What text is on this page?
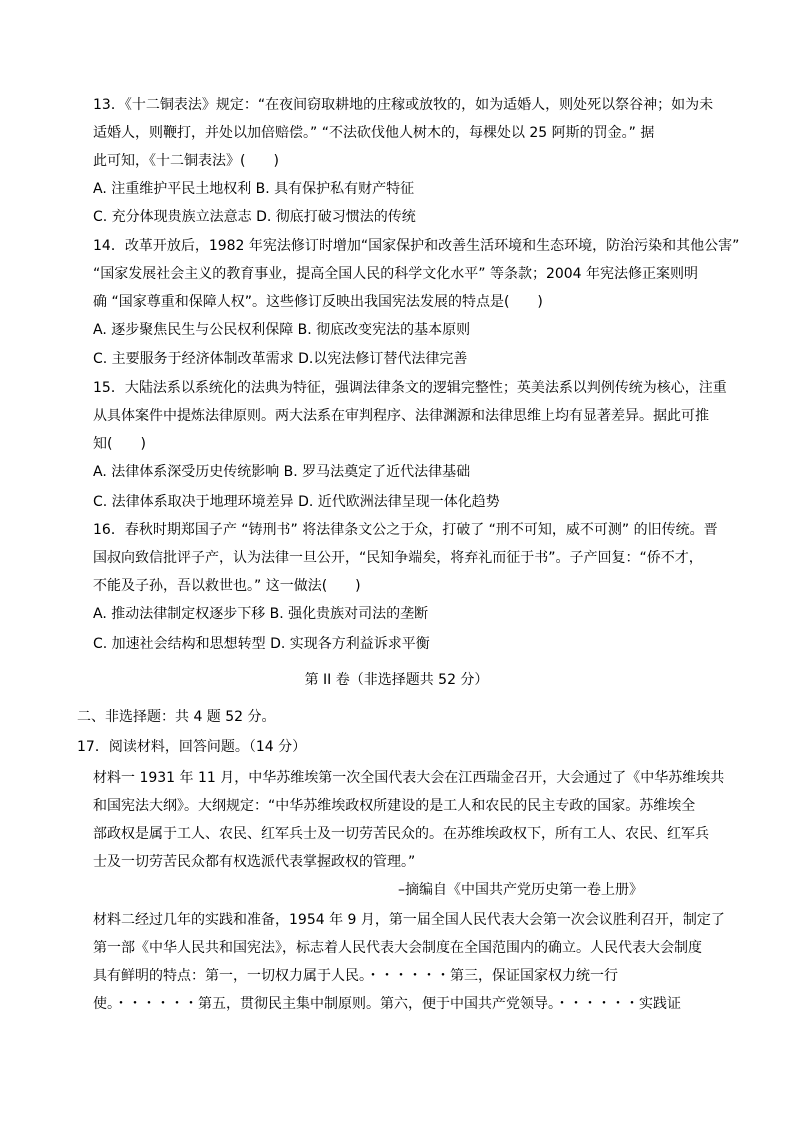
13．《十二铜表法》规定：“在夜间窃取耕地的庄稼或放牧的，如为适婚人，则处死以祭谷神；如为未
适婚人，则鞭打，并处以加倍赔偿。” “不法砍伐他人树木的，每棵处以 25 阿斯的罚金。” 据
此可知，《十二铜表法》(　　)
A. 注重维护平民土地权利 B. 具有保护私有财产特征
C. 充分体现贵族立法意志 D. 彻底打破习惯法的传统
14．改革开放后，1982 年宪法修订时增加“国家保护和改善生活环境和生态环境，防治污染和其他公害”
“国家发展社会主义的教育事业，提高全国人民的科学文化水平” 等条款；2004 年宪法修正案则明
确 “国家尊重和保障人权”。这些修订反映出我国宪法发展的特点是(　　)
A. 逐步聚焦民生与公民权利保障 B. 彻底改变宪法的基本原则
C. 主要服务于经济体制改革需求 D.以宪法修订替代法律完善
15．大陆法系以系统化的法典为特征，强调法律条文的逻辑完整性；英美法系以判例传统为核心，注重
从具体案件中提炼法律原则。两大法系在审判程序、法律渊源和法律思维上均有显著差异。据此可推
知(　　)
A. 法律体系深受历史传统影响 B. 罗马法奠定了近代法律基础
C. 法律体系取决于地理环境差异 D. 近代欧洲法律呈现一体化趋势
16．春秋时期郑国子产 “铸刑书” 将法律条文公之于众，打破了 “刑不可知，威不可测” 的旧传统。晋
国叔向致信批评子产，认为法律一旦公开，“民知争端矣，将弃礼而征于书”。子产回复：“侨不才，
不能及子孙，吾以救世也。” 这一做法(　　)
A. 推动法律制定权逐步下移 B. 强化贵族对司法的垄断
C. 加速社会结构和思想转型 D. 实现各方利益诉求平衡
第 II 卷（非选择题共 52 分）
二、非选择题：共 4 题 52 分。
17．阅读材料，回答问题。（14 分）
材料一 1931 年 11 月，中华苏维埃第一次全国代表大会在江西瑞金召开，大会通过了《中华苏维埃共
和国宪法大纲》。大纲规定：“中华苏维埃政权所建设的是工人和农民的民主专政的国家。苏维埃全
部政权是属于工人、农民、红军兵士及一切劳苦民众的。在苏维埃政权下，所有工人、农民、红军兵
士及一切劳苦民众都有权选派代表掌握政权的管理。”
–摘编自《中国共产党历史第一卷上册》
材料二经过几年的实践和准备，1954 年 9 月，第一届全国人民代表大会第一次会议胜利召开，制定了
第一部《中华人民共和国宪法》，标志着人民代表大会制度在全国范围内的确立。人民代表大会制度
具有鲜明的特点：第一，一切权力属于人民。・・・・・・第三，保证国家权力统一行
使。・・・・・・第五，贯彻民主集中制原则。第六，便于中国共产党领导。・・・・・・实践证
